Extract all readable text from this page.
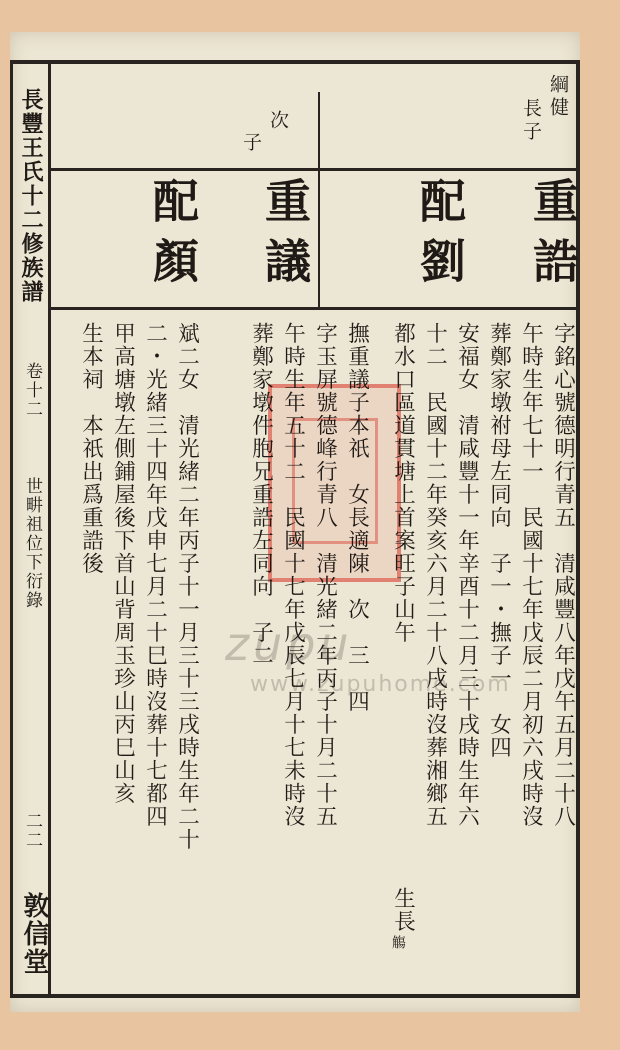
長豐王氏十二修族譜
卷十二
世畊祖位下衍錄
二二
敦信堂
綱健
長子
次
子
重誥
配劉
重議
配顏
zupu
www.zupuhome.com 字銘心號德明行青五　清咸豐八年戊午五月二十八
午時生年七十一　民國十七年戊辰二月初六戌時沒
葬鄭家墩祔母左同向　子一・撫子一　女四
安福女　清咸豐十一年辛酉十二月三十戌時生年六
十二　民國十二年癸亥六月二十八戌時沒葬湘鄉五
都水口區道貫塘上首案旺子山午
生長
觴
撫重議子本祇　女長適陳　次　三　四
字玉屏號德峰行青八　清光緒二年丙子十月二十五
午時生年五十二　民國十七年戊辰七月十七未時沒
葬鄭家墩件胞兄重誥左同向　子二
斌二女　清光緒二年丙子十一月三十三戌時生年二十
二・光緒三十四年戊申七月二十巳時沒葬十七都四
甲高塘墩左側鋪屋後下首山背周玉珍山丙巳山亥
生本祠　本祇出爲重誥後
